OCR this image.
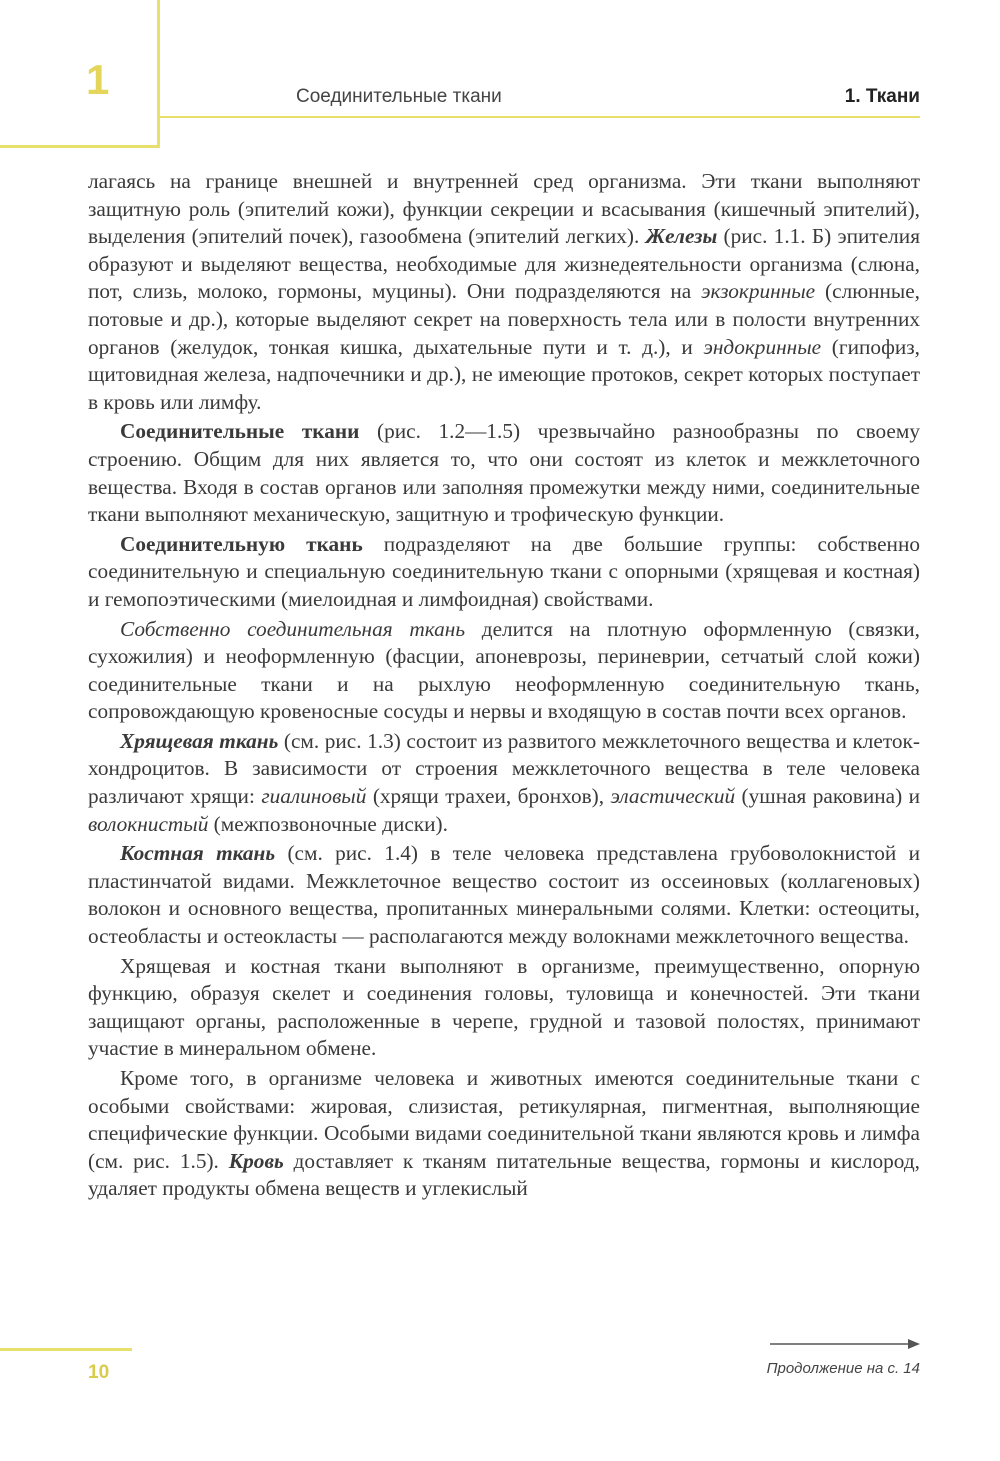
1	Соединительные ткани	1. Ткани

лагаясь на границе внешней и внутренней сред организма. Эти ткани выполняют защитную роль (эпителий кожи), функции секреции и всасывания (кишечный эпителий), выделения (эпителий почек), газообмена (эпителий легких). Железы (рис. 1.1. Б) эпителия образуют и выделяют вещества, необходимые для жизнедеятельности организма (слюна, пот, слизь, молоко, гормоны, муцины). Они подразделяются на экзокринные (слюнные, потовые и др.), которые выделяют секрет на поверхность тела или в полости внутренних органов (желудок, тонкая кишка, дыхательные пути и т. д.), и эндокринные (гипофиз, щитовидная железа, надпочечники и др.), не имеющие протоков, секрет которых поступает в кровь или лимфу.

Соединительные ткани (рис. 1.2—1.5) чрезвычайно разнообразны по своему строению. Общим для них является то, что они состоят из клеток и межклеточного вещества. Входя в состав органов или заполняя промежутки между ними, соединительные ткани выполняют механическую, защитную и трофическую функции.

Соединительную ткань подразделяют на две большие группы: собственно соединительную и специальную соединительную ткани с опорными (хрящевая и костная) и гемопоэтическими (миелоидная и лимфоидная) свойствами.

Собственно соединительная ткань делится на плотную оформленную (связки, сухожилия) и неоформленную (фасции, апоневрозы, периневрии, сетчатый слой кожи) соединительные ткани и на рыхлую неоформленную соединительную ткань, сопровождающую кровеносные сосуды и нервы и входящую в состав почти всех органов.

Хрящевая ткань (см. рис. 1.3) состоит из развитого межклеточного вещества и клеток-хондроцитов. В зависимости от строения межклеточного вещества в теле человека различают хрящи: гиалиновый (хрящи трахеи, бронхов), эластический (ушная раковина) и волокнистый (межпозвоночные диски).

Костная ткань (см. рис. 1.4) в теле человека представлена грубоволокнистой и пластинчатой видами. Межклеточное вещество состоит из оссеиновых (коллагеновых) волокон и основного вещества, пропитанных минеральными солями. Клетки: остеоциты, остеобласты и остеокласты — располагаются между волокнами межклеточного вещества.

Хрящевая и костная ткани выполняют в организме, преимущественно, опорную функцию, образуя скелет и соединения головы, туловища и конечностей. Эти ткани защищают органы, расположенные в черепе, грудной и тазовой полостях, принимают участие в минеральном обмене.

Кроме того, в организме человека и животных имеются соединительные ткани с особыми свойствами: жировая, слизистая, ретикулярная, пигментная, выполняющие специфические функции. Особыми видами соединительной ткани являются кровь и лимфа (см. рис. 1.5). Кровь доставляет к тканям питательные вещества, гормоны и кислород, удаляет продукты обмена веществ и углекислый

10	Продолжение на с. 14
